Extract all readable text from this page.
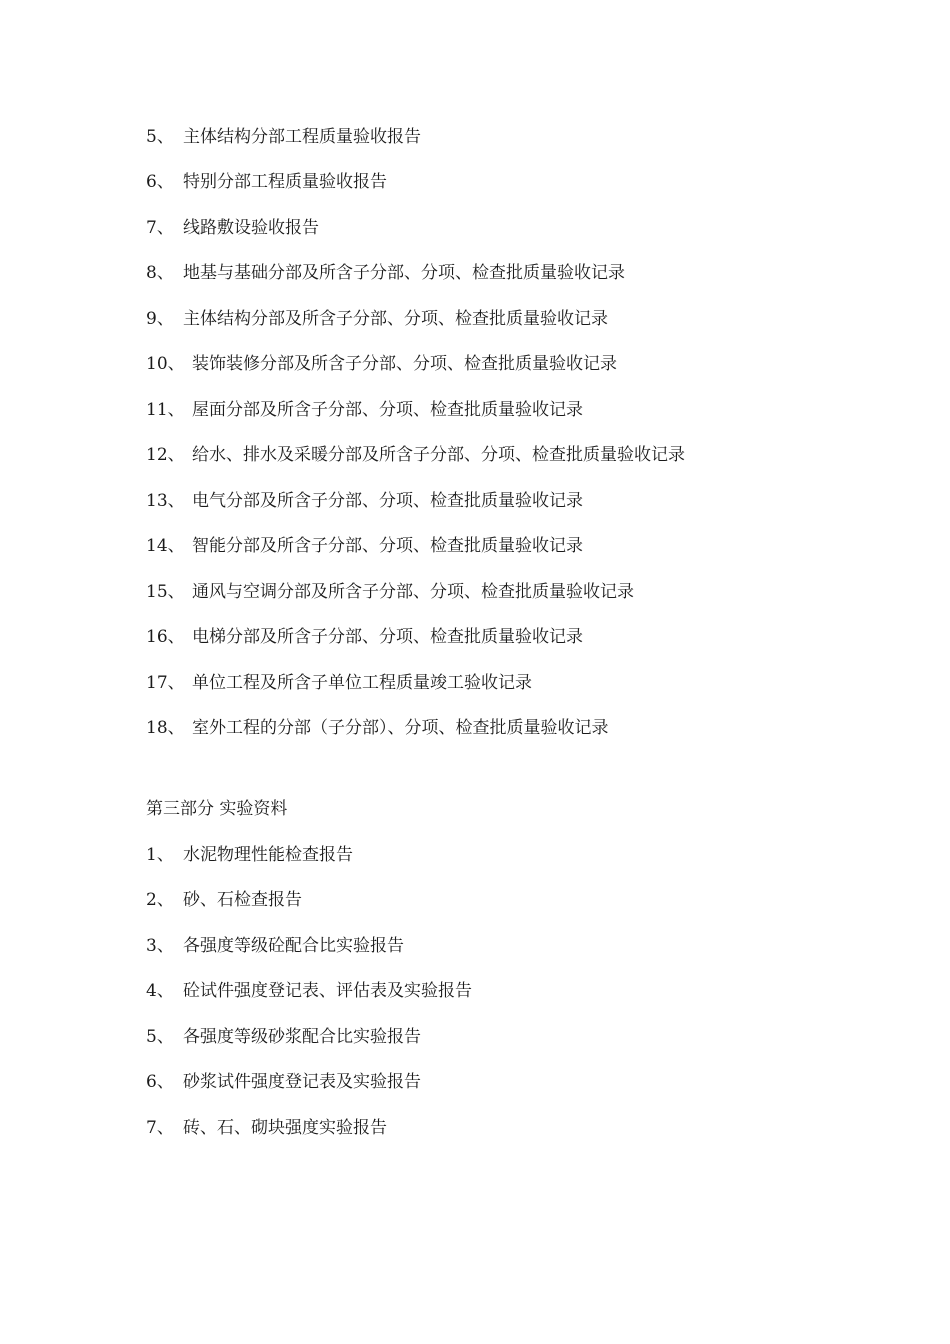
5、 主体结构分部工程质量验收报告
6、 特别分部工程质量验收报告
7、 线路敷设验收报告
8、 地基与基础分部及所含子分部、分项、检查批质量验收记录
9、 主体结构分部及所含子分部、分项、检查批质量验收记录
10、 装饰装修分部及所含子分部、分项、检查批质量验收记录
11、 屋面分部及所含子分部、分项、检查批质量验收记录
12、 给水、排水及采暖分部及所含子分部、分项、检查批质量验收记录
13、 电气分部及所含子分部、分项、检查批质量验收记录
14、 智能分部及所含子分部、分项、检查批质量验收记录
15、 通风与空调分部及所含子分部、分项、检查批质量验收记录
16、 电梯分部及所含子分部、分项、检查批质量验收记录
17、 单位工程及所含子单位工程质量竣工验收记录
18、 室外工程的分部（子分部）、分项、检查批质量验收记录
第三部分 实验资料
1、 水泥物理性能检查报告
2、 砂、石检查报告
3、 各强度等级砼配合比实验报告
4、 砼试件强度登记表、评估表及实验报告
5、 各强度等级砂浆配合比实验报告
6、 砂浆试件强度登记表及实验报告
7、 砖、石、砌块强度实验报告
